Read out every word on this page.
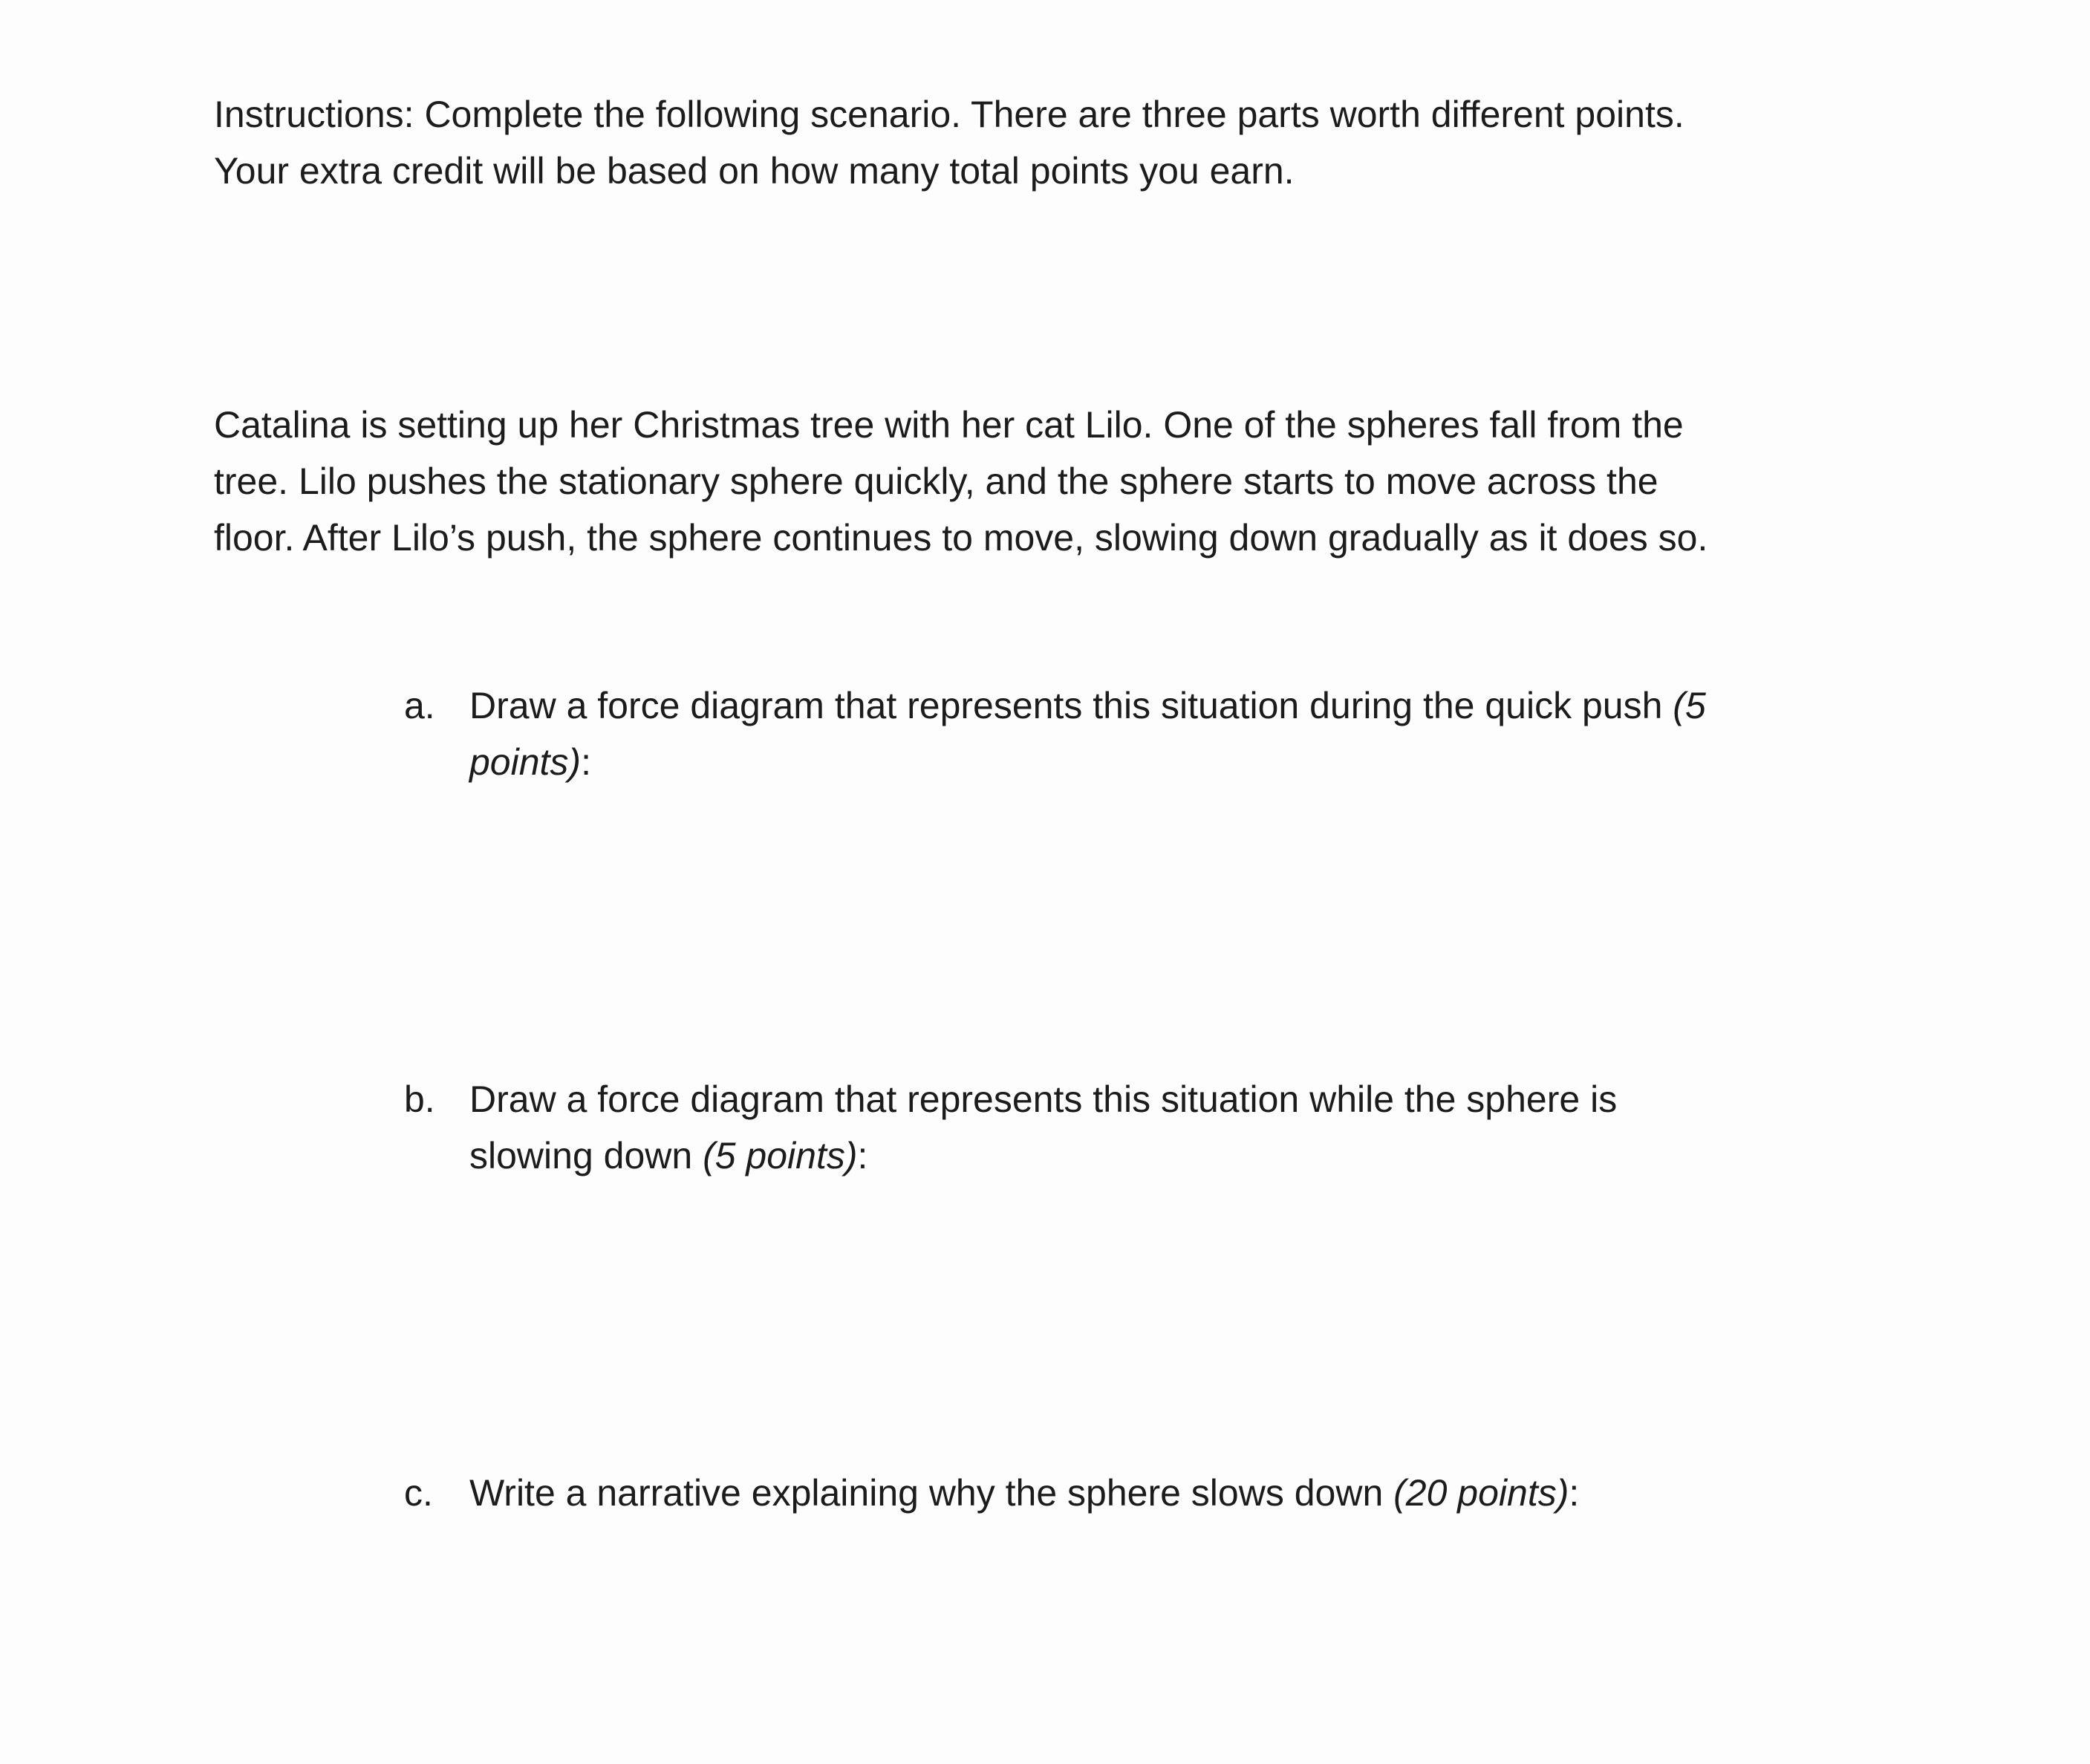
Instructions: Complete the following scenario. There are three parts worth different points.
Your extra credit will be based on how many total points you earn.

Catalina is setting up her Christmas tree with her cat Lilo. One of the spheres fall from the
tree. Lilo pushes the stationary sphere quickly, and the sphere starts to move across the
floor. After Lilo’s push, the sphere continues to move, slowing down gradually as it does so.

a. Draw a force diagram that represents this situation during the quick push (5
points):
b. Draw a force diagram that represents this situation while the sphere is
slowing down (5 points):
c. Write a narrative explaining why the sphere slows down (20 points):
